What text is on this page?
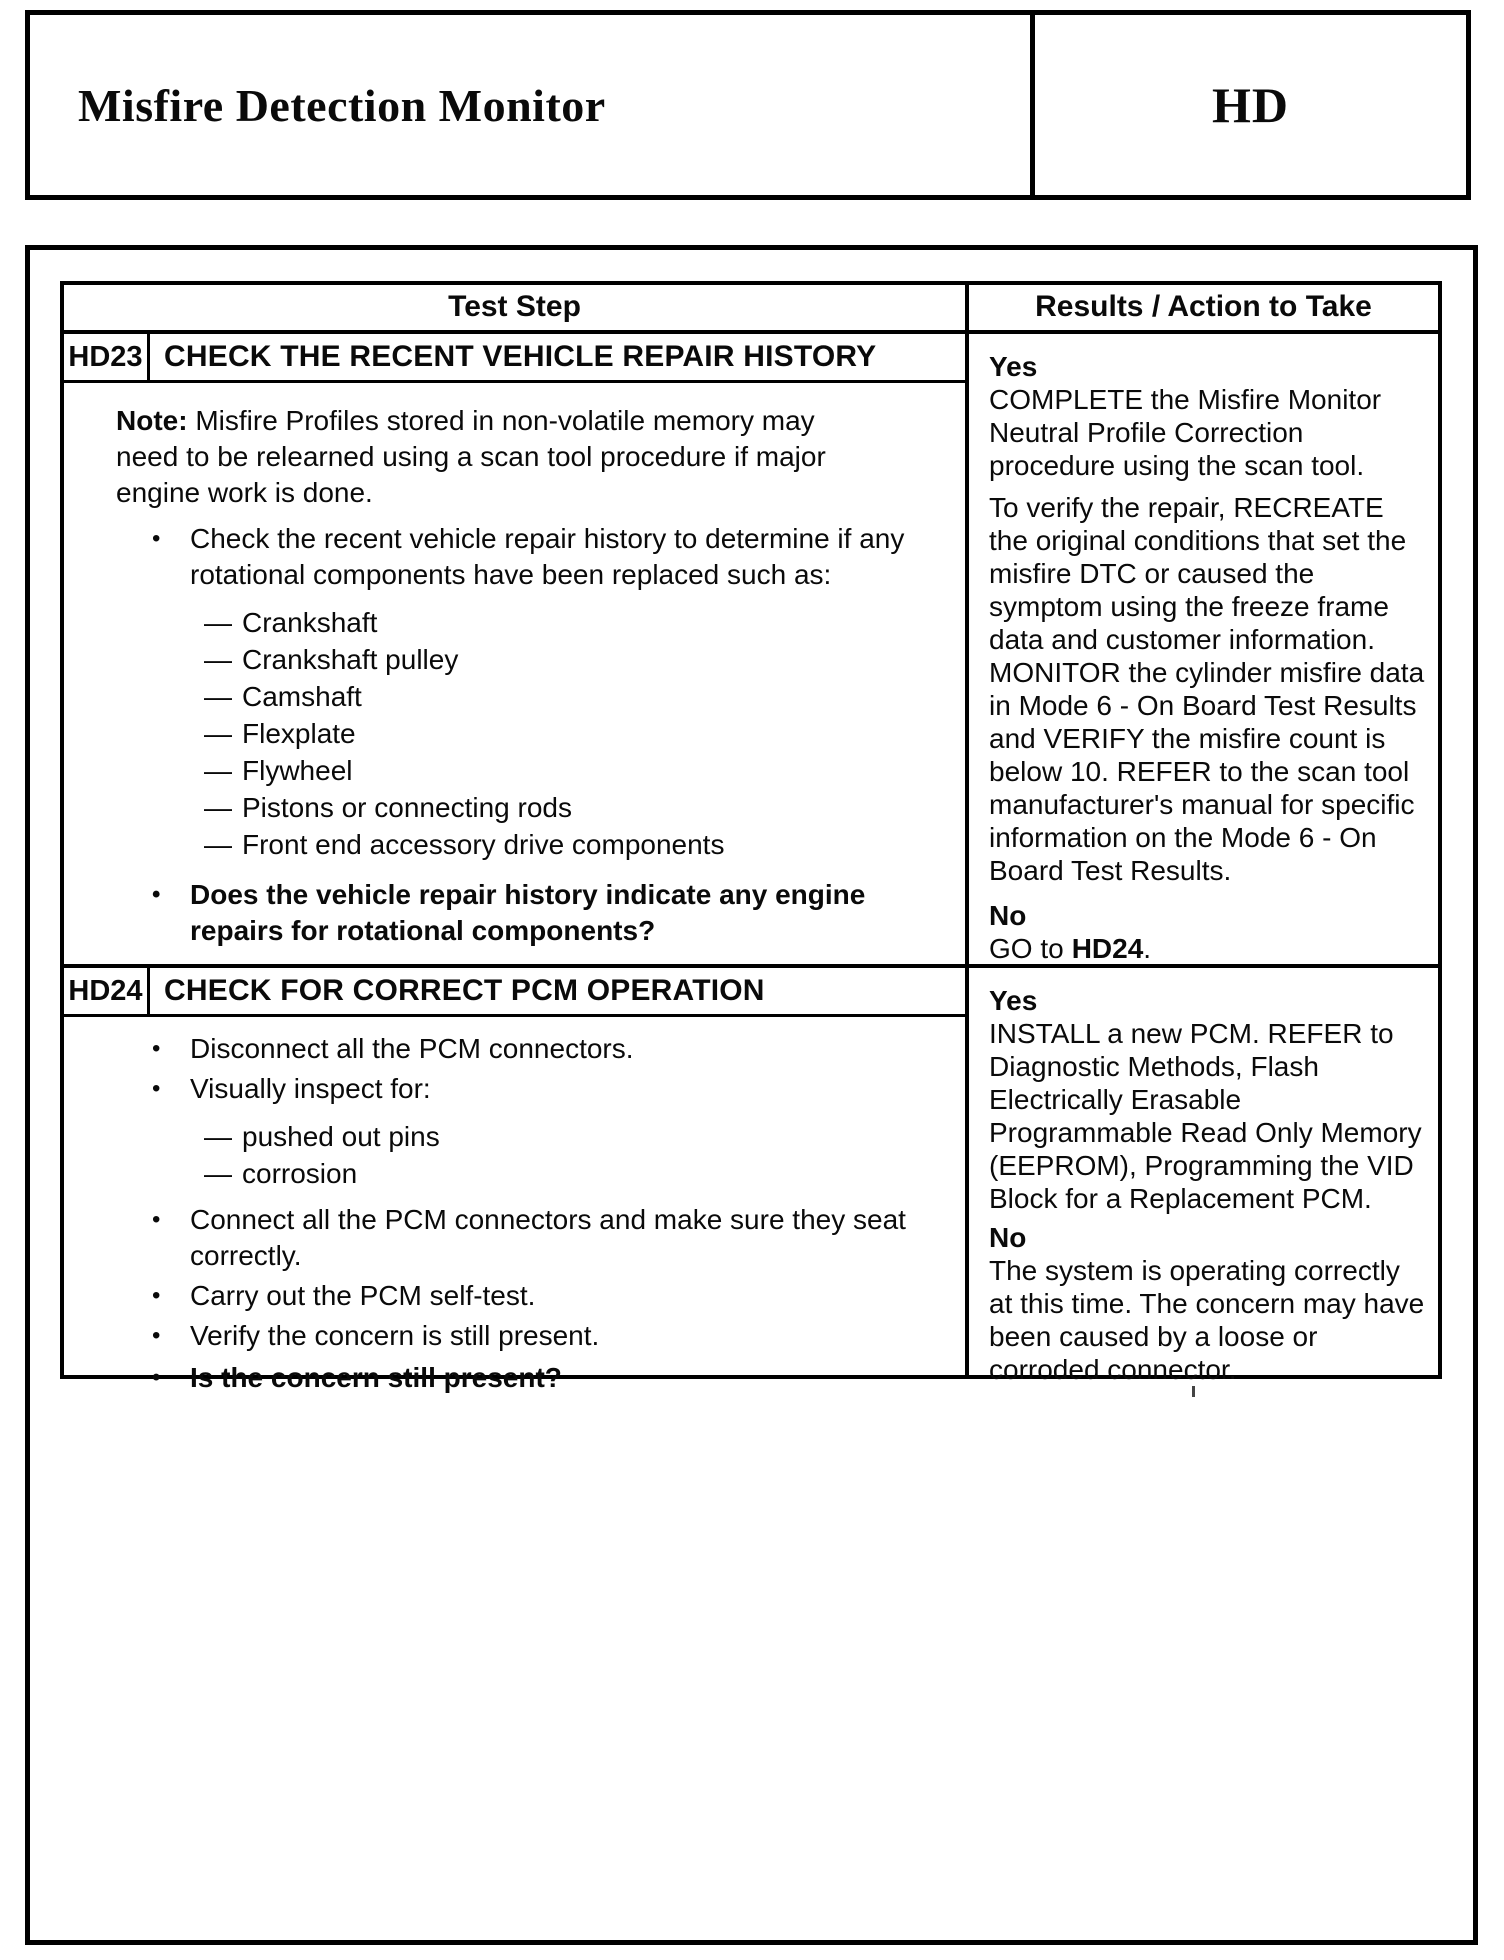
Misfire Detection Monitor	HD
Test Step	Results / Action to Take
HD23 CHECK THE RECENT VEHICLE REPAIR HISTORY
Note: Misfire Profiles stored in non-volatile memory may need to be relearned using a scan tool procedure if major engine work is done.
•	Check the recent vehicle repair history to determine if any rotational components have been replaced such as:
— Crankshaft
— Crankshaft pulley
— Camshaft
— Flexplate
— Flywheel
— Pistons or connecting rods
— Front end accessory drive components
•	Does the vehicle repair history indicate any engine repairs for rotational components?
Yes
COMPLETE the Misfire Monitor Neutral Profile Correction procedure using the scan tool.
To verify the repair, RECREATE the original conditions that set the misfire DTC or caused the symptom using the freeze frame data and customer information. MONITOR the cylinder misfire data in Mode 6 - On Board Test Results and VERIFY the misfire count is below 10. REFER to the scan tool manufacturer's manual for specific information on the Mode 6 - On Board Test Results.
No
GO to HD24.
HD24 CHECK FOR CORRECT PCM OPERATION
•	Disconnect all the PCM connectors.
•	Visually inspect for:
— pushed out pins
— corrosion
•	Connect all the PCM connectors and make sure they seat correctly.
•	Carry out the PCM self-test.
•	Verify the concern is still present.
•	Is the concern still present?
Yes
INSTALL a new PCM. REFER to Diagnostic Methods, Flash Electrically Erasable Programmable Read Only Memory (EEPROM), Programming the VID Block for a Replacement PCM.
No
The system is operating correctly at this time. The concern may have been caused by a loose or corroded connector.
